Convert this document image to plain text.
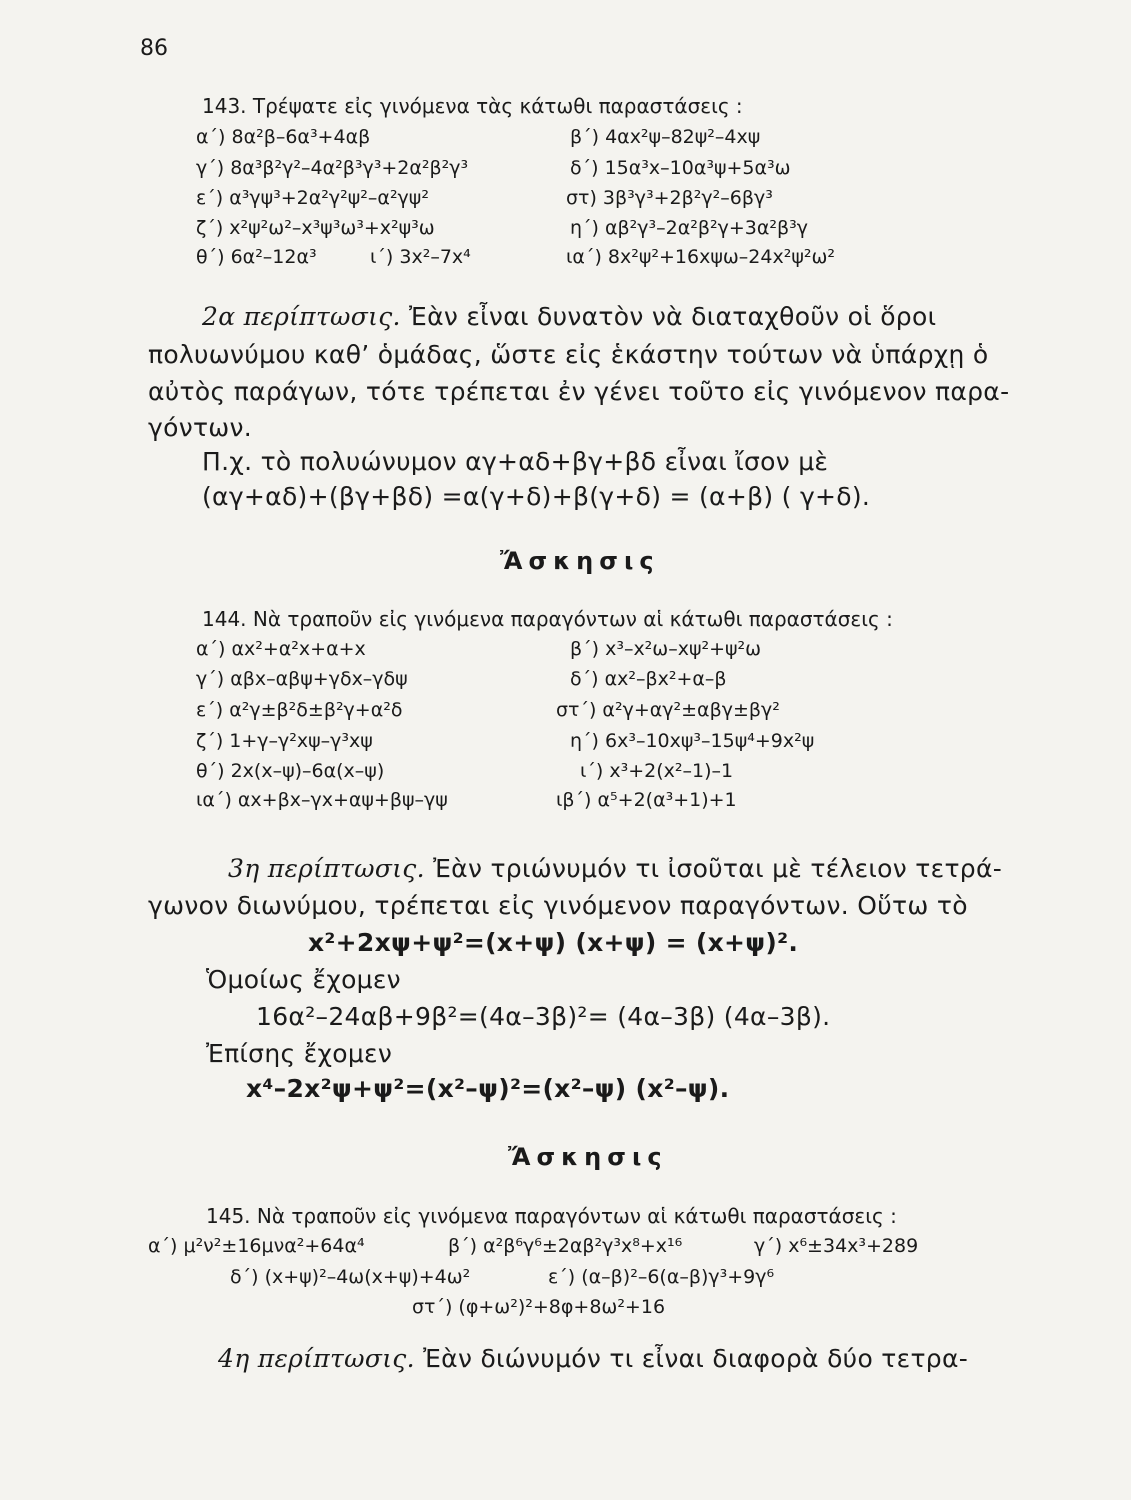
86
143. Τρέψατε εἰς γινόμενα τὰς κάτωθι παραστάσεις :
α΄) 8α²β–6α³+4αβ	β΄) 4αx²ψ–82ψ²–4xψ
γ΄) 8α³β²γ²–4α²β³γ³+2α²β²γ³	δ΄) 15α³x–10α³ψ+5α³ω
ε΄) α³γψ³+2α²γ²ψ²–α²γψ²	στ) 3β³γ³+2β²γ²–6βγ³
ζ΄) x²ψ²ω²–x³ψ³ω³+x²ψ³ω	η΄) αβ²γ³–2α²β²γ+3α²β³γ
θ΄) 6α²–12α³	ι΄) 3x²–7x⁴	ια΄) 8x²ψ²+16xψω–24x²ψ²ω²
2α περίπτωσις. Ἐὰν εἶναι δυνατὸν νὰ διαταχθοῦν οἱ ὅροι
πολυωνύμου καθ’ ὁμάδας, ὥστε εἰς ἑκάστην τούτων νὰ ὑπάρχῃ ὁ
αὐτὸς παράγων, τότε τρέπεται ἐν γένει τοῦτο εἰς γινόμενον παρα-
γόντων.
Π.χ. τὸ πολυώνυμον αγ+αδ+βγ+βδ εἶναι ἴσον μὲ
(αγ+αδ)+(βγ+βδ) =α(γ+δ)+β(γ+δ) = (α+β) ( γ+δ).
Ἄσκησις
144. Νὰ τραποῦν εἰς γινόμενα παραγόντων αἱ κάτωθι παραστάσεις :
α΄) αx²+α²x+α+x	β΄) x³–x²ω–xψ²+ψ²ω
γ΄) αβx–αβψ+γδx–γδψ	δ΄) αx²–βx²+α–β
ε΄) α²γ±β²δ±β²γ+α²δ	στ΄) α²γ+αγ²±αβγ±βγ²
ζ΄) 1+γ–γ²xψ–γ³xψ	η΄) 6x³–10xψ³–15ψ⁴+9x²ψ
θ΄) 2x(x–ψ)–6α(x–ψ)	ι΄) x³+2(x²–1)–1
ια΄) αx+βx–γx+αψ+βψ–γψ	ιβ΄) α⁵+2(α³+1)+1
3η περίπτωσις. Ἐὰν τριώνυμόν τι ἰσοῦται μὲ τέλειον τετρά-
γωνον διωνύμου, τρέπεται εἰς γινόμενον παραγόντων. Οὕτω τὸ
x²+2xψ+ψ²=(x+ψ) (x+ψ) = (x+ψ)².
Ὁμοίως ἔχομεν
16α²–24αβ+9β²=(4α–3β)²= (4α–3β) (4α–3β).
Ἐπίσης ἔχομεν
x⁴–2x²ψ+ψ²=(x²–ψ)²=(x²–ψ) (x²–ψ).
Ἄσκησις
145. Νὰ τραποῦν εἰς γινόμενα παραγόντων αἱ κάτωθι παραστάσεις :
α΄) μ²ν²±16μνα²+64α⁴	β΄) α²β⁶γ⁶±2αβ²γ³x⁸+x¹⁶	γ΄) x⁶±34x³+289
δ΄) (x+ψ)²–4ω(x+ψ)+4ω²	ε΄) (α–β)²–6(α–β)γ³+9γ⁶
στ΄) (φ+ω²)²+8φ+8ω²+16
4η περίπτωσις. Ἐὰν διώνυμόν τι εἶναι διαφορὰ δύο τετρα-
